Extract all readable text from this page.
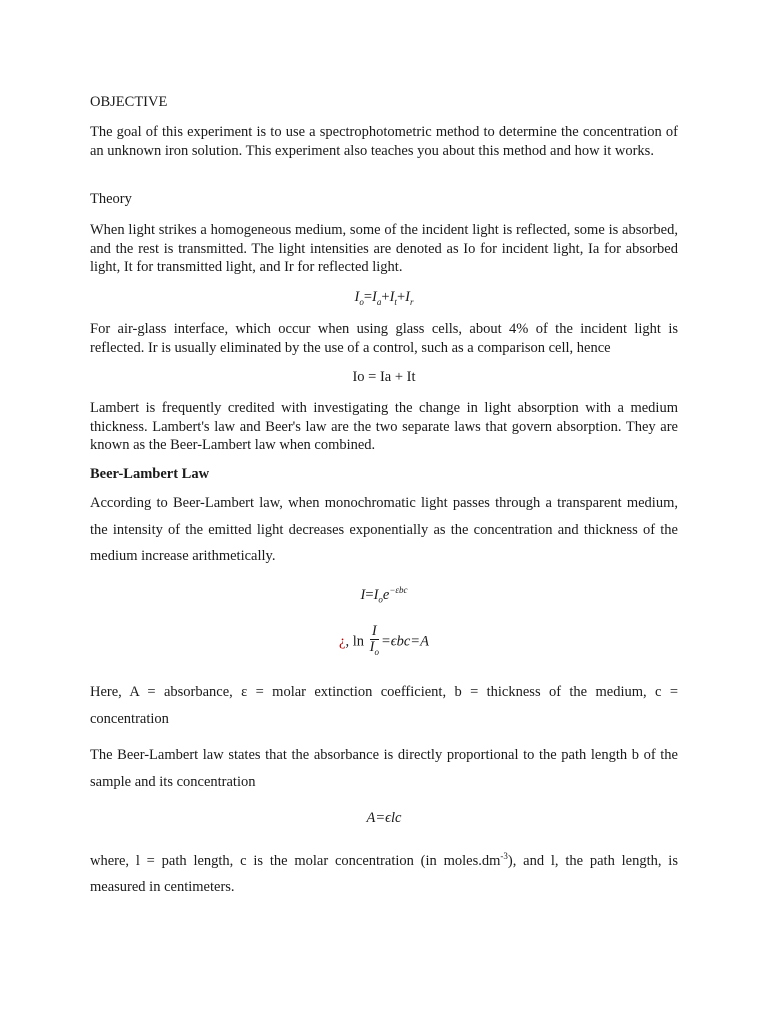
OBJECTIVE

The goal of this experiment is to use a spectrophotometric method to determine the concentration of an unknown iron solution. This experiment also teaches you about this method and how it works.

Theory

When light strikes a homogeneous medium, some of the incident light is reflected, some is absorbed, and the rest is transmitted. The light intensities are denoted as Io for incident light, Ia for absorbed light, It for transmitted light, and Ir for reflected light.

$I_o=I_a+I_t+I_r$

For air-glass interface, which occur when using glass cells, about 4% of the incident light is reflected. Ir is usually eliminated by the use of a control, such as a comparison cell, hence

Io = Ia + It

Lambert is frequently credited with investigating the change in light absorption with a medium thickness. Lambert's law and Beer's law are the two separate laws that govern absorption. They are known as the Beer-Lambert law when combined.

Beer-Lambert Law

According to Beer-Lambert law, when monochromatic light passes through a transparent medium, the intensity of the emitted light decreases exponentially as the concentration and thickness of the medium increase arithmetically.

$I=I_oe^{-\varepsilon bc}$
¿, $\ln \frac{I}{I_o} =\epsilon bc=A$

Here, A = absorbance, ε = molar extinction coefficient, b = thickness of the medium, c = concentration

The Beer-Lambert law states that the absorbance is directly proportional to the path length b of the sample and its concentration

A=ϵlc

where, l = path length, c is the molar concentration (in $moles.dm^{-3}$), and l, the path length, is measured in centimeters.
